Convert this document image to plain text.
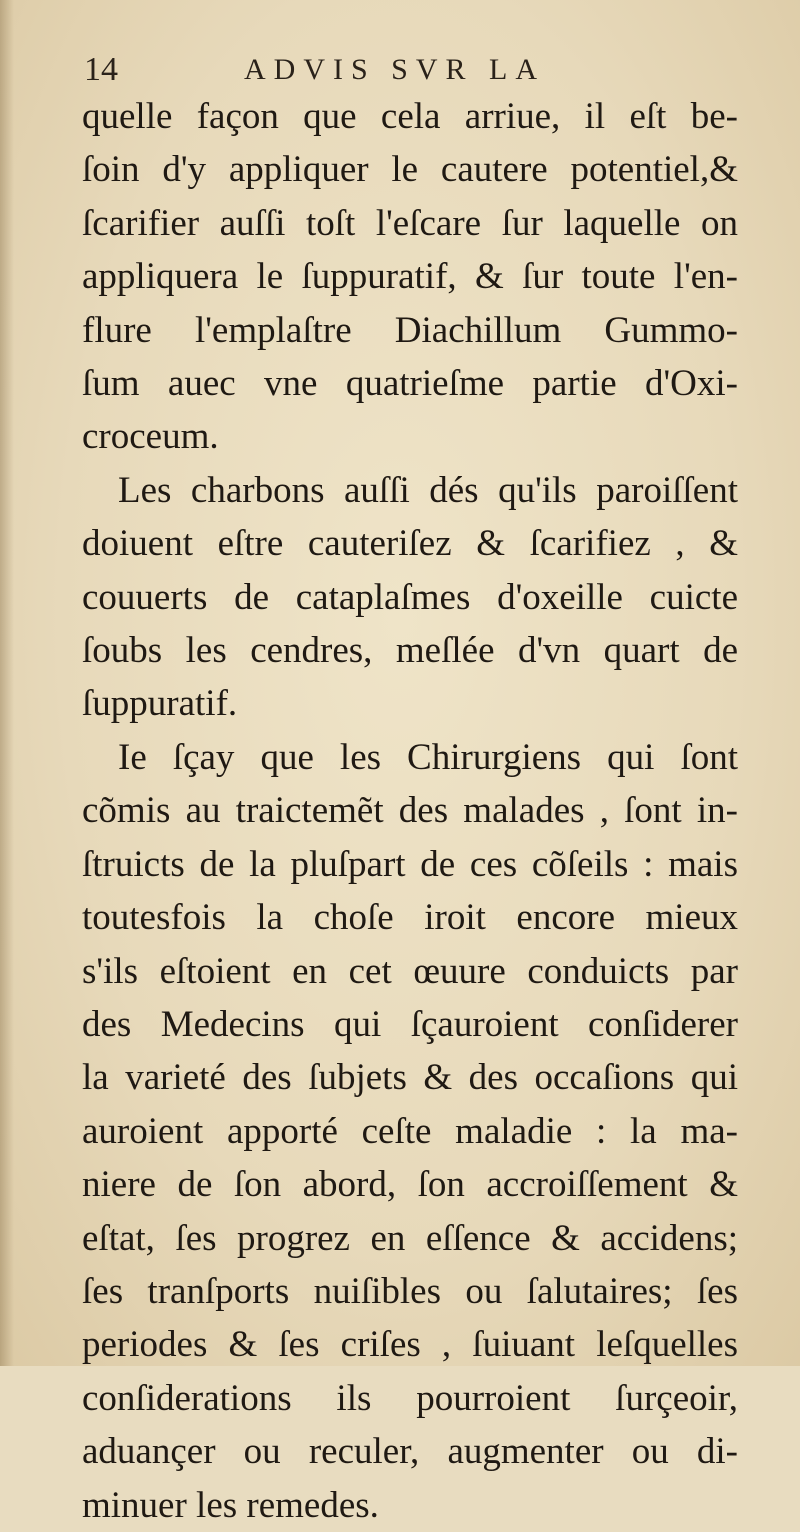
14	ADVIS SVR LA
quelle façon que cela arriue, il eſt be-
ſoin d'y appliquer le cautere potentiel,&
ſcarifier auſſi toſt l'eſcare ſur laquelle on
appliquera le ſuppuratif, & ſur toute l'en-
flure l'emplaſtre Diachillum Gummo-
ſum auec vne quatrieſme partie d'Oxi-
croceum.
Les charbons auſſi dés qu'ils paroiſſent
doiuent eſtre cauteriſez & ſcarifiez , &
couuerts de cataplaſmes d'oxeille cuicte
ſoubs les cendres, meſlée d'vn quart de
ſuppuratif.
Ie ſçay que les Chirurgiens qui ſont
cõmis au traictemẽt des malades , ſont in-
ſtruicts de la pluſpart de ces cõſeils : mais
toutesfois la choſe iroit encore mieux
s'ils eſtoient en cet œuure conduicts par
des Medecins qui ſçauroient conſiderer
la varieté des ſubjets & des occaſions qui
auroient apporté ceſte maladie : la ma-
niere de ſon abord, ſon accroiſſement &
eſtat, ſes progrez en eſſence & accidens;
ſes tranſports nuiſibles ou ſalutaires; ſes
periodes & ſes criſes , ſuiuant leſquelles
conſiderations ils pourroient ſurçeoir,
aduançer ou reculer, augmenter ou di-
minuer les remedes.
